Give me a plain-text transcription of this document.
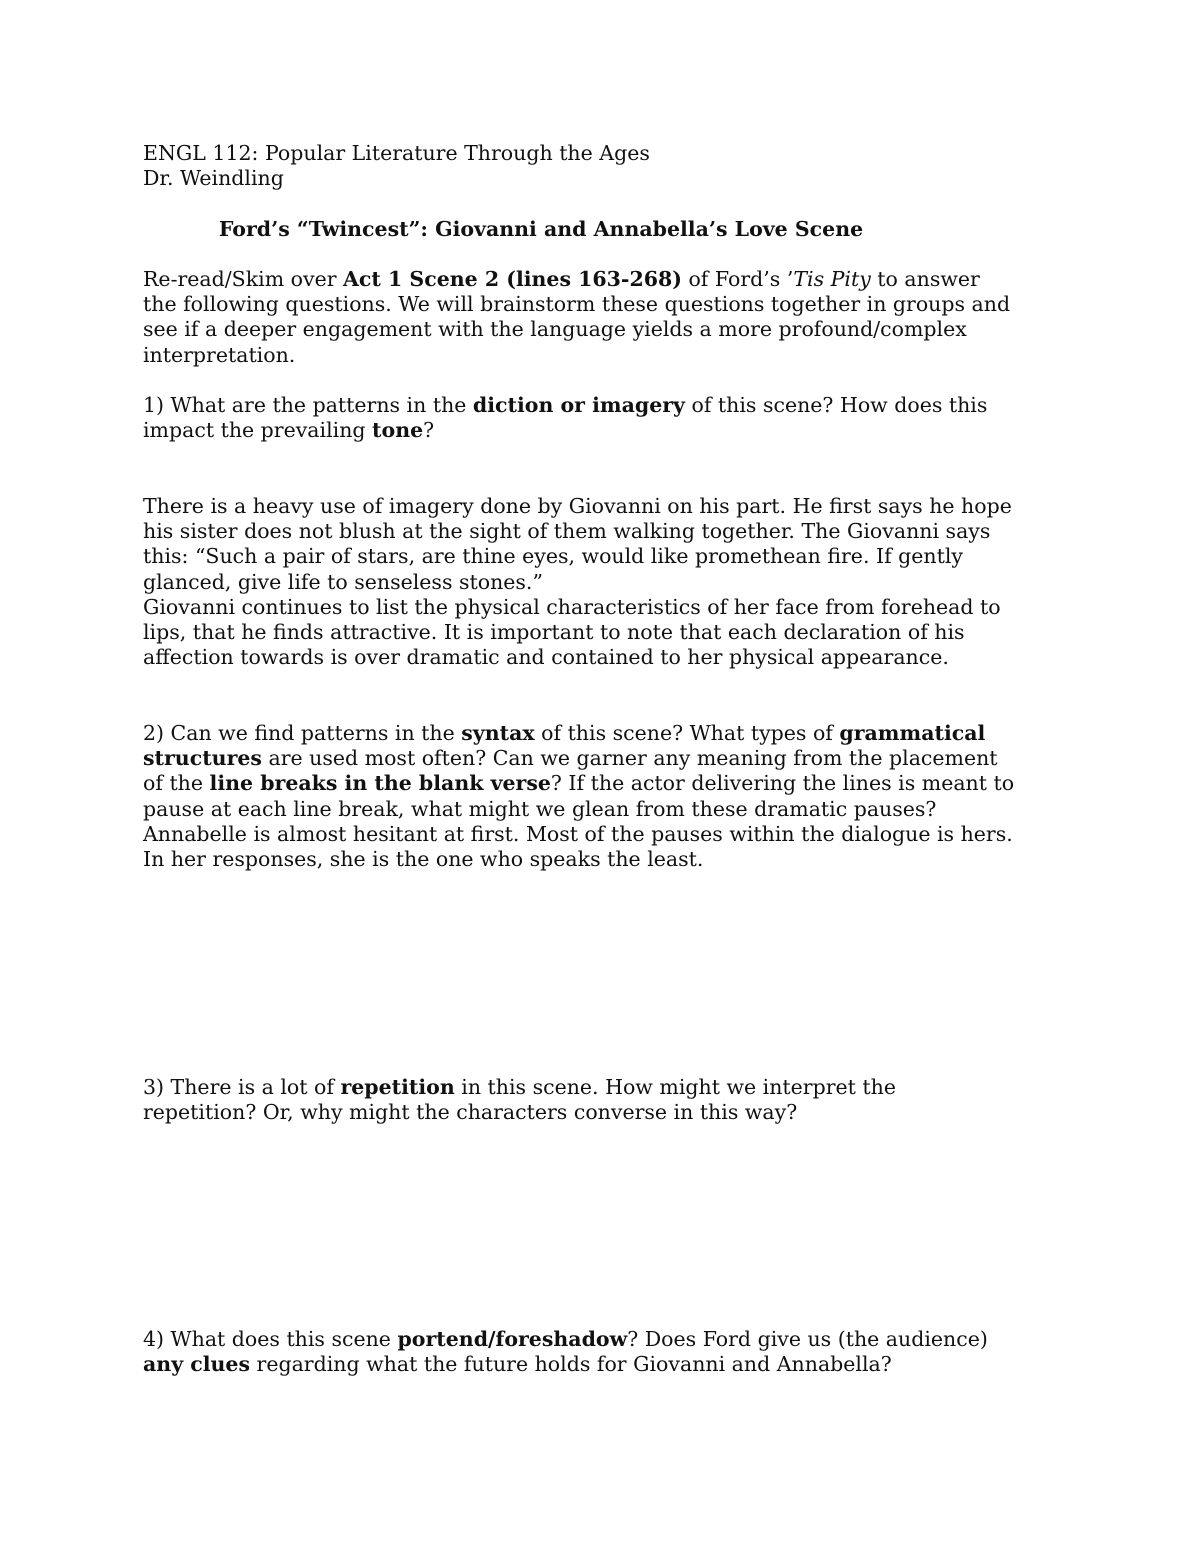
ENGL 112: Popular Literature Through the Ages
Dr. Weindling
Ford’s “Twincest”: Giovanni and Annabella’s Love Scene
Re-read/Skim over Act 1 Scene 2 (lines 163-268) of Ford’s ’Tis Pity to answer
the following questions. We will brainstorm these questions together in groups and
see if a deeper engagement with the language yields a more profound/complex
interpretation.
1) What are the patterns in the diction or imagery of this scene? How does this
impact the prevailing tone?
There is a heavy use of imagery done by Giovanni on his part. He first says he hope
his sister does not blush at the sight of them walking together. The Giovanni says
this: “Such a pair of stars, are thine eyes, would like promethean fire. If gently
glanced, give life to senseless stones.”
Giovanni continues to list the physical characteristics of her face from forehead to
lips, that he finds attractive. It is important to note that each declaration of his
affection towards is over dramatic and contained to her physical appearance.
2) Can we find patterns in the syntax of this scene? What types of grammatical
structures are used most often? Can we garner any meaning from the placement
of the line breaks in the blank verse? If the actor delivering the lines is meant to
pause at each line break, what might we glean from these dramatic pauses?
Annabelle is almost hesitant at first. Most of the pauses within the dialogue is hers.
In her responses, she is the one who speaks the least.
3) There is a lot of repetition in this scene. How might we interpret the
repetition? Or, why might the characters converse in this way?
4) What does this scene portend/foreshadow? Does Ford give us (the audience)
any clues regarding what the future holds for Giovanni and Annabella?
